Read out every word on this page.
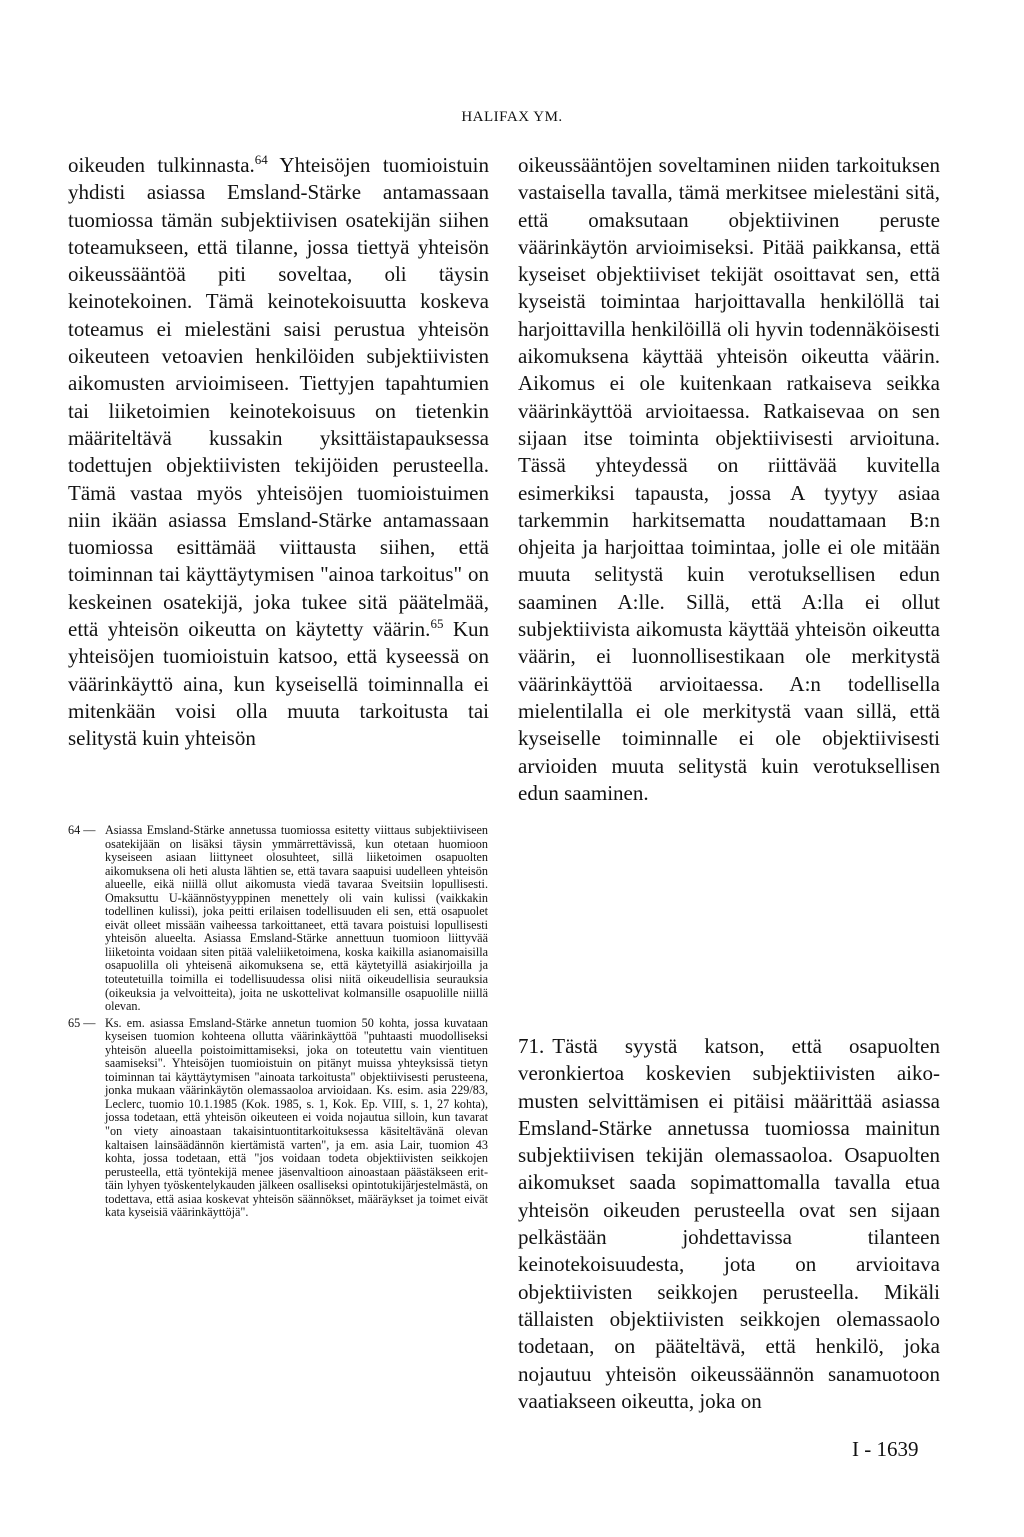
HALIFAX YM.

oikeuden tulkinnasta.$^{64}$ Yhteisöjen tuomioistuin yhdisti asiassa Emsland-Stärke antamassaan tuomiossa tämän subjektiivisen osatekijän siihen toteamukseen, että tilanne, jossa tiettyä yhteisön oikeussääntöä piti soveltaa, oli täysin keinotekoinen. Tämä keinotekoisuutta koskeva toteamus ei mielestäni saisi perustua yhteisön oikeuteen vetoavien henkilöiden subjektiivisten aikomusten arvioimiseen. Tiettyjen tapahtumien tai liiketoimien keinotekoisuus on tietenkin määriteltävä kussakin yksittäistapauksessa todettujen objektiivisten tekijöiden perusteella. Tämä vastaa myös yhteisöjen tuomioistuimen niin ikään asiassa Emsland-Stärke antamassaan tuomiossa esittämää viittausta siihen, että toiminnan tai käyttäytymisen "ainoa tarkoitus" on keskeinen osatekijä, joka tukee sitä päätelmää, että yhteisön oikeutta on käytetty väärin.$^{65}$ Kun yhteisöjen tuomioistuin katsoo, että kyseessä on väärinkäyttö aina, kun kyseisellä toiminnalla ei mitenkään voisi olla muuta tarkoitusta tai selitystä kuin yhteisön

oikeussääntöjen soveltaminen niiden tarkoituksen vastaisella tavalla, tämä merkitsee mielestäni sitä, että omaksutaan objektiivinen peruste väärinkäytön arvioimiseksi. Pitää paikkansa, että kyseiset objektiiviset tekijät osoittavat sen, että kyseistä toimintaa harjoittavalla henkilöllä tai harjoittavilla henkilöillä oli hyvin todennäköisesti aikomuksena käyttää yhteisön oikeutta väärin. Aikomus ei ole kuitenkaan ratkaiseva seikka väärinkäyttöä arvioitaessa. Ratkaisevaa on sen sijaan itse toiminta objektiivisesti arvioituna. Tässä yhteydessä on riittävää kuvitella esimerkiksi tapausta, jossa A tyytyy asiaa tarkemmin harkitsematta noudattamaan B:n ohjeita ja harjoittaa toimintaa, jolle ei ole mitään muuta selitystä kuin verotuksellisen edun saaminen A:lle. Sillä, että A:lla ei ollut subjektiivista aikomusta käyttää yhteisön oikeutta väärin, ei luonnollisestikaan ole merkitystä väärinkäyttöä arvioitaessa. A:n todellisella mielentilalla ei ole merkitystä vaan sillä, että kyseiselle toiminnalle ei ole objektiivisesti arvioiden muuta selitystä kuin verotuksellisen edun saaminen.

64 — Asiassa Emsland-Stärke annetussa tuomiossa esitetty viittaus subjektiiviseen osatekijään on lisäksi täysin ymmärrettävissä, kun otetaan huomioon kyseiseen asiaan liittyneet olosuhteet, sillä liiketoimen osapuolten aikomuksena oli heti alusta lähtien se, että tavara saapuisi uudelleen yhteisön alueelle, eikä niillä ollut aikomusta viedä tavaraa Sveitsiin lopullisesti. Omaksuttu U-käännöstyyppinen menettely oli vain kulissi (vaikkakin todellinen kulissi), joka peitti erilaisen todellisuuden eli sen, että osapuolet eivät olleet missään vaiheessa tarkoittaneet, että tavara poistuisi lopullisesti yhteisön alueelta. Asiassa Emsland-Stärke annettuun tuomioon liittyvää liiketointa voidaan siten pitää valeliiketoimena, koska kaikilla asianomaisilla osapuolilla oli yhteisenä aikomuksena se, että käytetyillä asiakirjoilla ja toteutetuilla toimilla ei todellisuudessa olisi niitä oikeudellisia seurauksia (oikeuksia ja velvoitteita), joita ne uskottelivat kolmansille osapuolille niillä olevan.

65 — Ks. em. asiassa Emsland-Stärke annetun tuomion 50 kohta, jossa kuvataan kyseisen tuomion kohteena ollutta väärinkäyttöä "puhtaasti muodolliseksi yhteisön alueella poistoimittamiseksi, joka on toteutettu vain vientituen saamiseksi". Yhteisöjen tuomioistuin on pitänyt muissa yhteyksissä tietyn toiminnan tai käyttäytymisen "ainoata tarkoitusta" objektiivisesti perusteena, jonka mukaan väärinkäytön olemassaoloa arvioidaan. Ks. esim. asia 229/83, Leclerc, tuomio 10.1.1985 (Kok. 1985, s. 1, Kok. Ep. VIII, s. 1, 27 kohta), jossa todetaan, että yhteisön oikeuteen ei voida nojautua silloin, kun tavarat "on viety ainoastaan takaisintuontitarkoituksessa käsiteltävänä olevan kaltaisen lainsäädännön kiertämistä varten", ja em. asia Lair, tuomion 43 kohta, jossa todetaan, että "jos voidaan todeta objektiivisten seikkojen perusteella, että työntekijä menee jäsenvaltioon ainoastaan päästäkseen erittäin lyhyen työskentelykauden jälkeen osalliseksi opintotukijärjestelmästä, on todettava, että asiaa koskevat yhteisön säännökset, määräykset ja toimet eivät kata kyseisiä väärinkäyttöjä".

71. Tästä syystä katson, että osapuolten veronkiertoa koskevien subjektiivisten aikomusten selvittämisen ei pitäisi määrittää asiassa Emsland-Stärke annetussa tuomiossa mainitun subjektiivisen tekijän olemassaoloa. Osapuolten aikomukset saada sopimattomalla tavalla etua yhteisön oikeuden perusteella ovat sen sijaan pelkästään johdettavissa tilanteen keinotekoisuudesta, jota on arvioitava objektiivisten seikkojen perusteella. Mikäli tällaisten objektiivisten seikkojen olemassaolo todetaan, on pääteltävä, että henkilö, joka nojautuu yhteisön oikeussäännön sanamuotoon vaatiakseen oikeutta, joka on

I - 1639
